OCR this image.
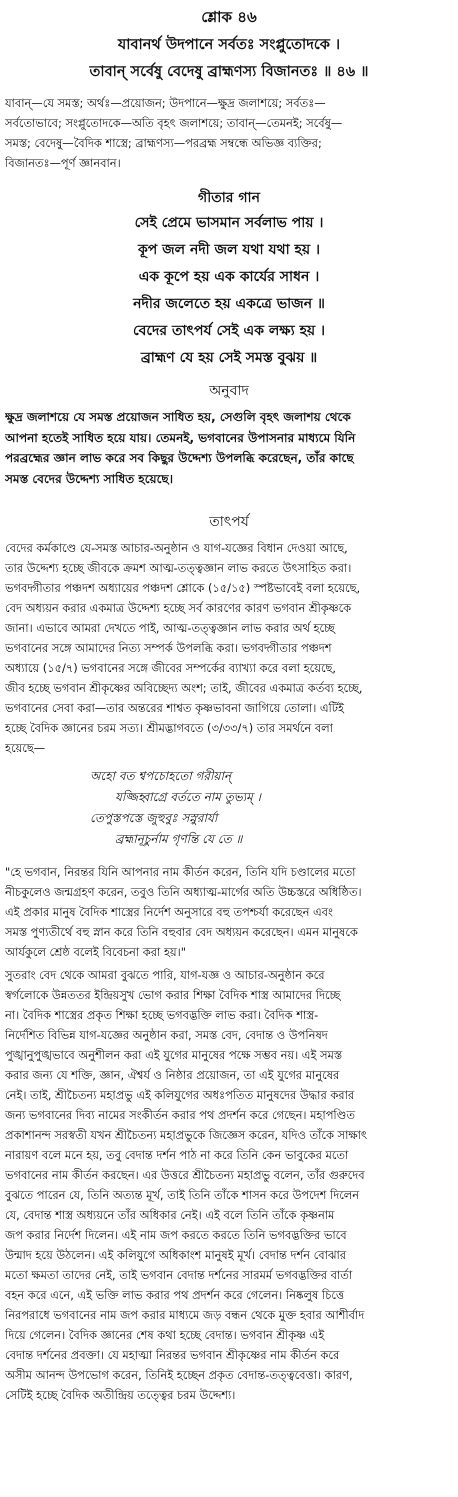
শ্লোক ৪৬
যাবানর্থ উদপানে সর্বতঃ সংপ্লুতোদকে ।
তাবান্ সর্বেষু বেদেষু ব্রাহ্মণস্য বিজানতঃ ॥ ৪৬ ॥
যাবান্—যে সমস্ত; অর্থঃ—প্রয়োজন; উদপানে—ক্ষুদ্র জলাশয়ে; সর্বতঃ—
সর্বতোভাবে; সংপ্লুতোদকে—অতি বৃহৎ জলাশয়ে; তাবান্—তেমনই; সর্বেষু—
সমস্ত; বেদেষু—বৈদিক শাস্ত্রে; ব্রাহ্মণস্য—পরব্রহ্ম সম্বন্ধে অভিজ্ঞ ব্যক্তির;
বিজানতঃ—পূর্ণ জ্ঞানবান।
গীতার গান
সেই প্রেমে ভাসমান সর্বলাভ পায় ।
কূপ জল নদী জল যথা যথা হয় ।
এক কূপে হয় এক কার্যের সাধন ।
নদীর জলেতে হয় একত্রে ভাজন ॥
বেদের তাৎপর্য সেই এক লক্ষ্য হয় ।
ব্রাহ্মণ যে হয় সেই সমস্ত বুঝয় ॥
অনুবাদ
ক্ষুদ্র জলাশয়ে যে সমস্ত প্রয়োজন সাধিত হয়, সেগুলি বৃহৎ জলাশয় থেকে
আপনা হতেই সাধিত হয়ে যায়। তেমনই, ভগবানের উপাসনার মাধ্যমে যিনি
পরব্রহ্মের জ্ঞান লাভ করে সব কিছুর উদ্দেশ্য উপলব্ধি করেছেন, তাঁর কাছে
সমস্ত বেদের উদ্দেশ্য সাধিত হয়েছে।
তাৎপর্য
বেদের কর্মকাণ্ডে যে-সমস্ত আচার-অনুষ্ঠান ও যাগ-যজ্ঞের বিধান দেওয়া আছে,
তার উদ্দেশ্য হচ্ছে জীবকে ক্রমশ আত্ম-তত্ত্বজ্ঞান লাভ করতে উৎসাহিত করা।
ভগবদ্গীতার পঞ্চদশ অধ্যায়ের পঞ্চদশ শ্লোকে (১৫/১৫) স্পষ্টভাবেই বলা হয়েছে,
বেদ অধ্যয়ন করার একমাত্র উদ্দেশ্য হচ্ছে সর্ব কারণের কারণ ভগবান শ্রীকৃষ্ণকে
জানা। এভাবে আমরা দেখতে পাই, আত্ম-তত্ত্বজ্ঞান লাভ করার অর্থ হচ্ছে
ভগবানের সঙ্গে আমাদের নিত্য সম্পর্ক উপলব্ধি করা। ভগবদ্গীতার পঞ্চদশ
অধ্যায়ে (১৫/৭) ভগবানের সঙ্গে জীবের সম্পর্কের ব্যাখ্যা করে বলা হয়েছে,
জীব হচ্ছে ভগবান শ্রীকৃষ্ণের অবিচ্ছেদ্য অংশ; তাই, জীবের একমাত্র কর্তব্য হচ্ছে,
ভগবানের সেবা করা—তার অন্তরের শাশ্বত কৃষ্ণভাবনা জাগিয়ে তোলা। এটিই
হচ্ছে বৈদিক জ্ঞানের চরম সত্য। শ্রীমদ্ভাগবতে (৩/৩৩/৭) তার সমর্থনে বলা
হয়েছে—
অহো বত শ্বপচোহতো গরীয়ান্
যজ্জিহ্বাগ্রে বর্ততে নাম তুভ্যম্ ।
তেপুস্তপস্তে জুহুবুঃ সস্নুরার্যা
ব্রহ্মানূচুর্নাম গৃণন্তি যে তে ॥
"হে ভগবান, নিরন্তর যিনি আপনার নাম কীর্তন করেন, তিনি যদি চণ্ডালের মতো
নীচকুলেও জন্মগ্রহণ করেন, তবুও তিনি অধ্যাত্ম-মার্গের অতি উচ্চস্তরে অধিষ্ঠিত।
এই প্রকার মানুষ বৈদিক শাস্ত্রের নির্দেশ অনুসারে বহু তপশ্চর্যা করেছেন এবং
সমস্ত পুণ্যতীর্থে বহু স্নান করে তিনি বহুবার বেদ অধ্যয়ন করেছেন। এমন মানুষকে
আর্যকুলে শ্রেষ্ঠ বলেই বিবেচনা করা হয়।"
সুতরাং বেদ থেকে আমরা বুঝতে পারি, যাগ-যজ্ঞ ও আচার-অনুষ্ঠান করে
স্বর্গলোকে উন্নততর ইন্দ্রিয়সুখ ভোগ করার শিক্ষা বৈদিক শাস্ত্র আমাদের দিচ্ছে
না। বৈদিক শাস্ত্রের প্রকৃত শিক্ষা হচ্ছে ভগবদ্ভক্তি লাভ করা। বৈদিক শাস্ত্র-
নির্দেশিত বিভিন্ন যাগ-যজ্ঞের অনুষ্ঠান করা, সমস্ত বেদ, বেদান্ত ও উপনিষদ
পুঙ্খানুপুঙ্খভাবে অনুশীলন করা এই যুগের মানুষের পক্ষে সম্ভব নয়। এই সমস্ত
করার জন্য যে শক্তি, জ্ঞান, ঐশ্বর্য ও নিষ্ঠার প্রয়োজন, তা এই যুগের মানুষের
নেই। তাই, শ্রীচৈতন্য মহাপ্রভু এই কলিযুগের অধঃপতিত মানুষদের উদ্ধার করার
জন্য ভগবানের দিব্য নামের সংকীর্তন করার পথ প্রদর্শন করে গেছেন। মহাপণ্ডিত
প্রকাশানন্দ সরস্বতী যখন শ্রীচৈতন্য মহাপ্রভুকে জিজ্ঞেস করেন, যদিও তাঁকে সাক্ষাৎ
নারায়ণ বলে মনে হয়, তবু বেদান্ত দর্শন পাঠ না করে তিনি কেন ভাবুকের মতো
ভগবানের নাম কীর্তন করছেন। এর উত্তরে শ্রীচৈতন্য মহাপ্রভু বলেন, তাঁর গুরুদেব
বুঝতে পারেন যে, তিনি অত্যন্ত মূর্খ, তাই তিনি তাঁকে শাসন করে উপদেশ দিলেন
যে, বেদান্ত শাস্ত্র অধ্যয়নে তাঁর অধিকার নেই। এই বলে তিনি তাঁকে কৃষ্ণনাম
জপ করার নির্দেশ দিলেন। এই নাম জপ করতে করতে তিনি ভগবদ্ভক্তির ভাবে
উন্মাদ হয়ে উঠলেন। এই কলিযুগে অধিকাংশ মানুষই মূর্খ। বেদান্ত দর্শন বোঝার
মতো ক্ষমতা তাদের নেই, তাই ভগবান বেদান্ত দর্শনের সারমর্ম ভগবদ্ভক্তির বার্তা
বহন করে এনে, এই ভক্তি লাভ করার পথ প্রদর্শন করে গেলেন। নিষ্কলুষ চিত্তে
নিরপরাধে ভগবানের নাম জপ করার মাধ্যমে জড় বন্ধন থেকে মুক্ত হবার আশীর্বাদ
দিয়ে গেলেন। বৈদিক জ্ঞানের শেষ কথা হচ্ছে বেদান্ত। ভগবান শ্রীকৃষ্ণ এই
বেদান্ত দর্শনের প্রবক্তা। যে মহাত্মা নিরন্তর ভগবান শ্রীকৃষ্ণের নাম কীর্তন করে
অসীম আনন্দ উপভোগ করেন, তিনিই হচ্ছেন প্রকৃত বেদান্ত-তত্ত্ববেত্তা। কারণ,
সেটিই হচ্ছে বৈদিক অতীন্দ্রিয় তত্ত্বের চরম উদ্দেশ্য।
